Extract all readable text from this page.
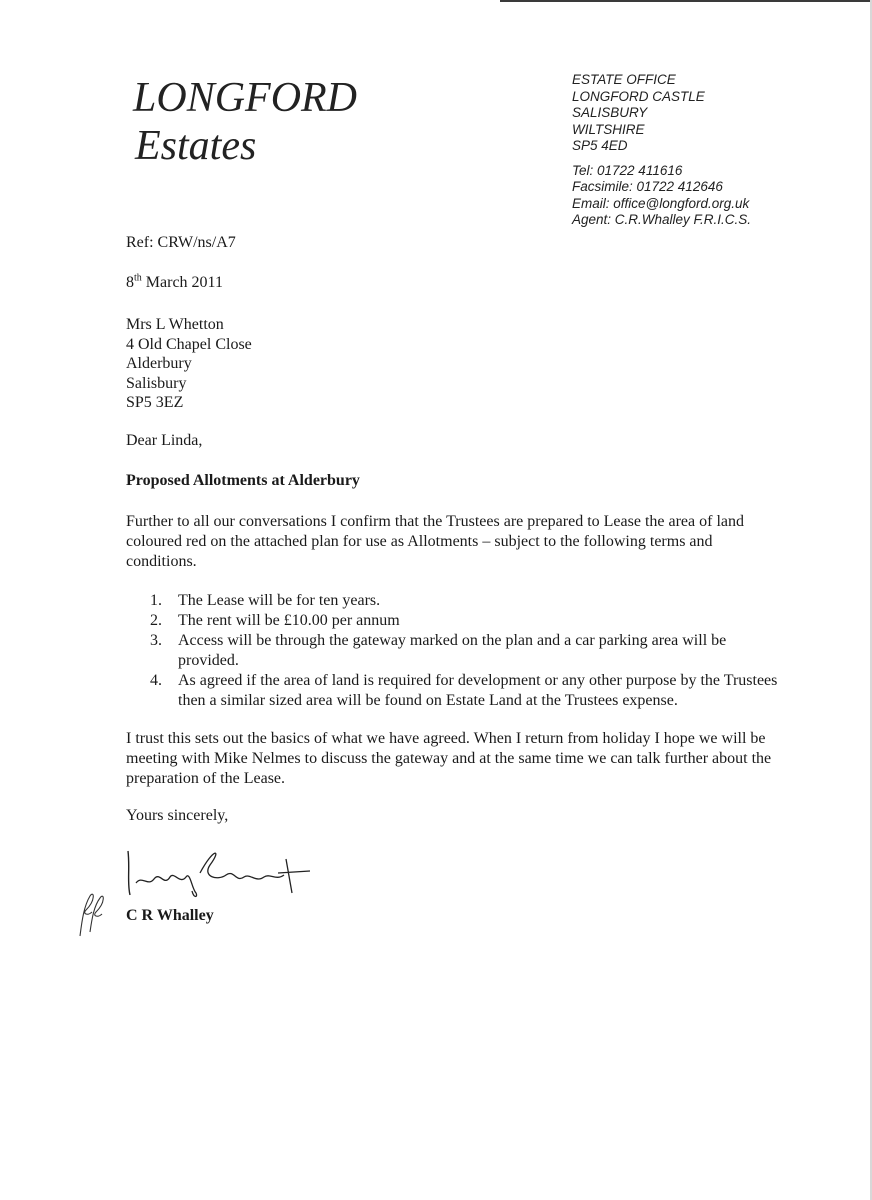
LONGFORD
Estates
ESTATE OFFICE
LONGFORD CASTLE
SALISBURY
WILTSHIRE
SP5 4ED
Tel: 01722 411616
Facsimile: 01722 412646
Email: office@longford.org.uk
Agent: C.R.Whalley F.R.I.C.S.
Ref: CRW/ns/A7
8th March 2011
Mrs L Whetton
4 Old Chapel Close
Alderbury
Salisbury
SP5 3EZ
Dear Linda,
Proposed Allotments at Alderbury
Further to all our conversations I confirm that the Trustees are prepared to Lease the area of land coloured red on the attached plan for use as Allotments – subject to the following terms and conditions.
1.	The Lease will be for ten years.
2.	The rent will be £10.00 per annum
3.	Access will be through the gateway marked on the plan and a car parking area will be provided.
4.	As agreed if the area of land is required for development or any other purpose by the Trustees then a similar sized area will be found on Estate Land at the Trustees expense.
I trust this sets out the basics of what we have agreed. When I return from holiday I hope we will be meeting with Mike Nelmes to discuss the gateway and at the same time we can talk further about the preparation of the Lease.
Yours sincerely,
C R Whalley
